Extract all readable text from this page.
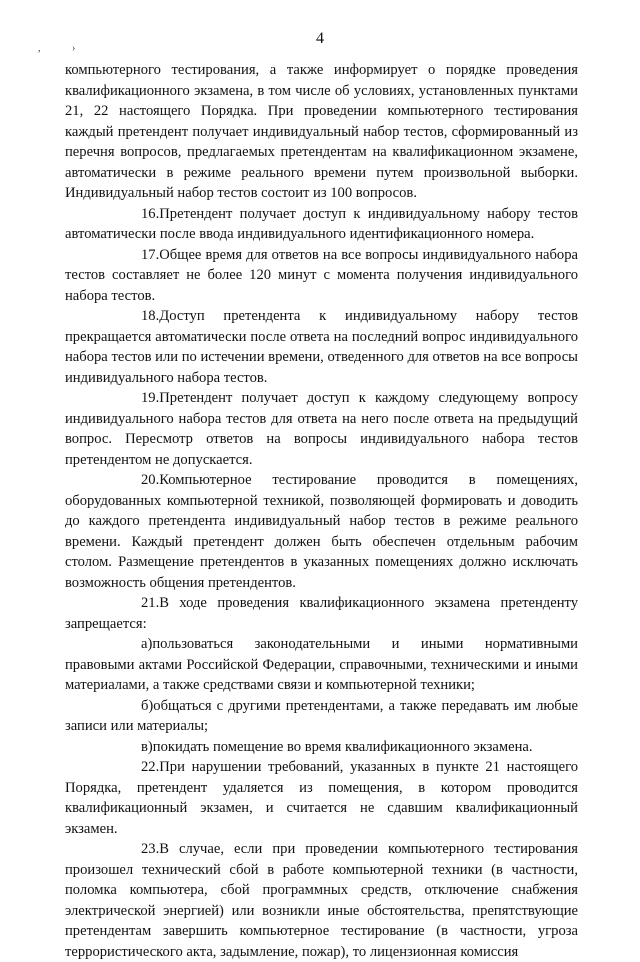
4
,	›

компьютерного тестирования, а также информирует о порядке проведения квалификационного экзамена, в том числе об условиях, установленных пунктами 21, 22 настоящего Порядка. При проведении компьютерного тестирования каждый претендент получает индивидуальный набор тестов, сформированный из перечня вопросов, предлагаемых претендентам на квалификационном экзамене, автоматически в режиме реального времени путем произвольной выборки. Индивидуальный набор тестов состоит из 100 вопросов.

16.Претендент получает доступ к индивидуальному набору тестов автоматически после ввода индивидуального идентификационного номера.

17.Общее время для ответов на все вопросы индивидуального набора тестов составляет не более 120 минут с момента получения индивидуального набора тестов.

18.Доступ претендента к индивидуальному набору тестов прекращается автоматически после ответа на последний вопрос индивидуального набора тестов или по истечении времени, отведенного для ответов на все вопросы индивидуального набора тестов.

19.Претендент получает доступ к каждому следующему вопросу индивидуального набора тестов для ответа на него после ответа на предыдущий вопрос. Пересмотр ответов на вопросы индивидуального набора тестов претендентом не допускается.

20.Компьютерное тестирование проводится в помещениях, оборудованных компьютерной техникой, позволяющей формировать и доводить до каждого претендента индивидуальный набор тестов в режиме реального времени. Каждый претендент должен быть обеспечен отдельным рабочим столом. Размещение претендентов в указанных помещениях должно исключать возможность общения претендентов.

21.В ходе проведения квалификационного экзамена претенденту запрещается:

а)пользоваться законодательными и иными нормативными правовыми актами Российской Федерации, справочными, техническими и иными материалами, а также средствами связи и компьютерной техники;

б)общаться с другими претендентами, а также передавать им любые записи или материалы;

в)покидать помещение во время квалификационного экзамена.

22.При нарушении требований, указанных в пункте 21 настоящего Порядка, претендент удаляется из помещения, в котором проводится квалификационный экзамен, и считается не сдавшим квалификационный экзамен.

23.В случае, если при проведении компьютерного тестирования произошел технический сбой в работе компьютерной техники (в частности, поломка компьютера, сбой программных средств, отключение снабжения электрической энергией) или возникли иные обстоятельства, препятствующие претендентам завершить компьютерное тестирование (в частности, угроза террористического акта, задымление, пожар), то лицензионная комиссия
